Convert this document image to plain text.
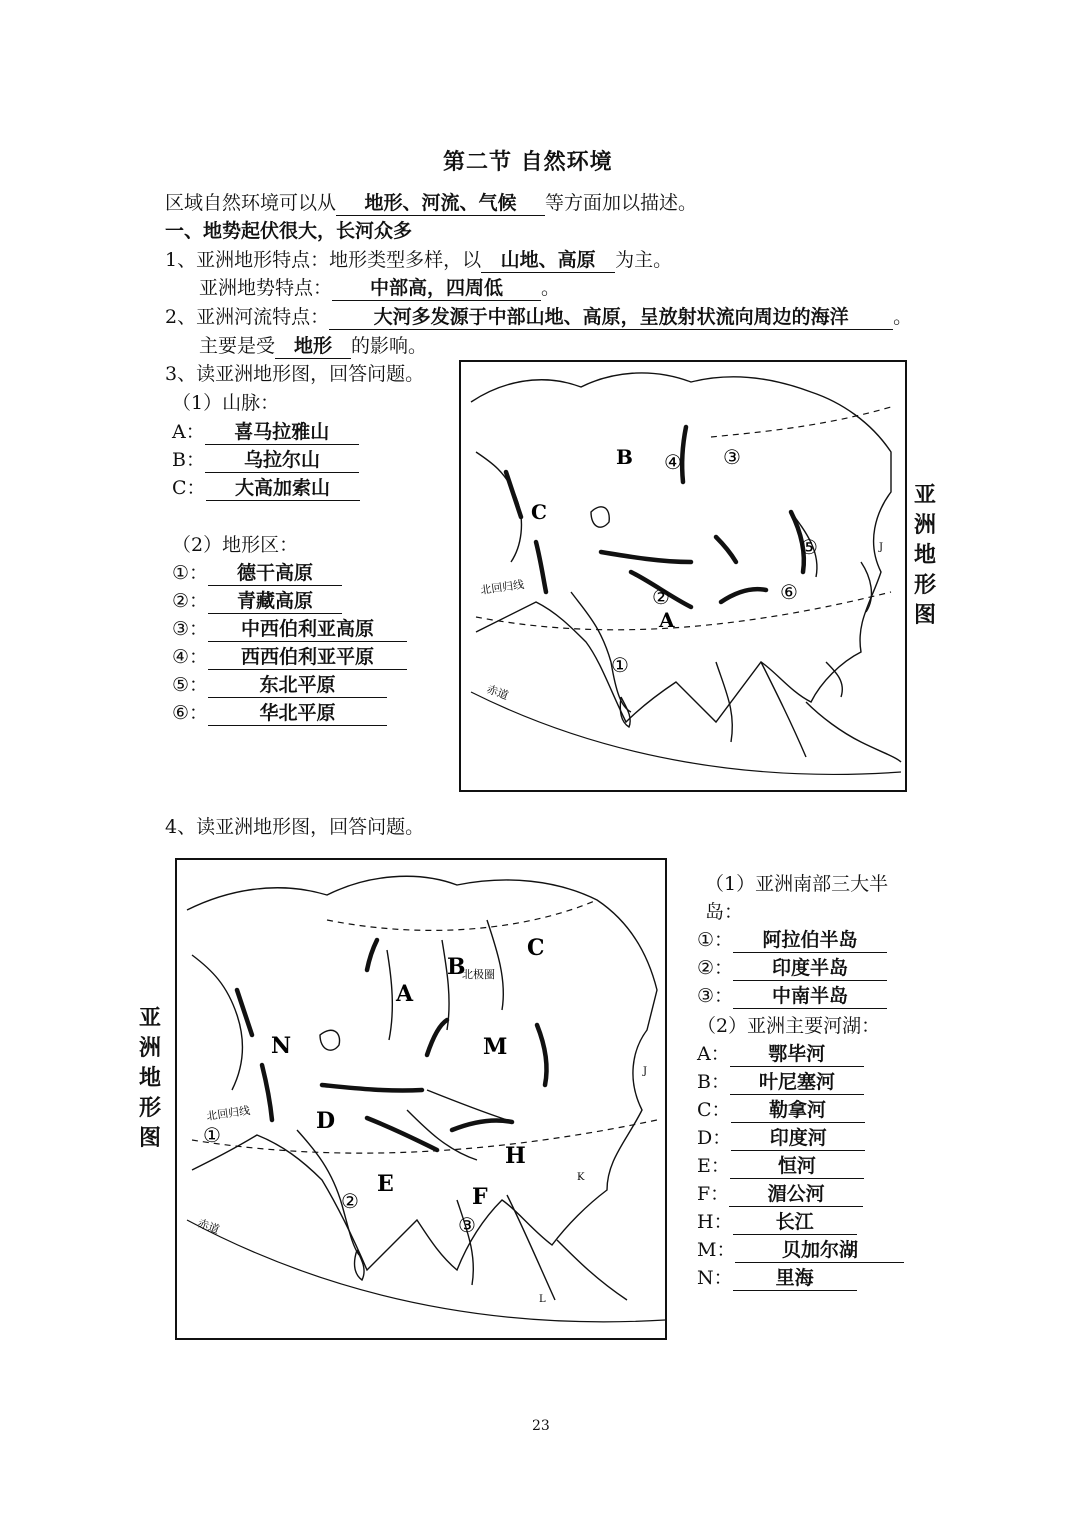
第二节 自然环境
区域自然环境可以从 地形、河流、气候 等方面加以描述。
一、地势起伏很大，长河众多
1、亚洲地形特点：地形类型多样，以 山地、高原 为主。
亚洲地势特点： 中部高，四周低 。
2、亚洲河流特点： 大河多发源于中部山地、高原，呈放射状流向周边的海洋 。
主要是受 地形 的影响。
3、读亚洲地形图，回答问题。
（1）山脉：
A： 喜马拉雅山
B： 乌拉尔山
C： 大高加索山
（2）地形区：
①： 德干高原
②： 青藏高原
③： 中西伯利亚高原
④： 西西伯利亚平原
⑤：	东北平原
⑥：	华北平原
B
C
A
①
②
③
④
⑤
⑥
北回归线
赤道
J
亚洲地形图
4、读亚洲地形图，回答问题。
A
B
C
D
E	F
H
M
N
K
L
①
②
③
北极圈
北回归线
赤道
J
亚洲地形图
（1）亚洲南部三大半岛：
①： 阿拉伯半岛
②： 印度半岛
③： 中南半岛
（2）亚洲主要河湖：
A： 鄂毕河
B： 叶尼塞河
C： 勒拿河
D： 印度河
E：	恒河
F： 湄公河
H： 长江
M： 贝加尔湖
N： 里海
23
